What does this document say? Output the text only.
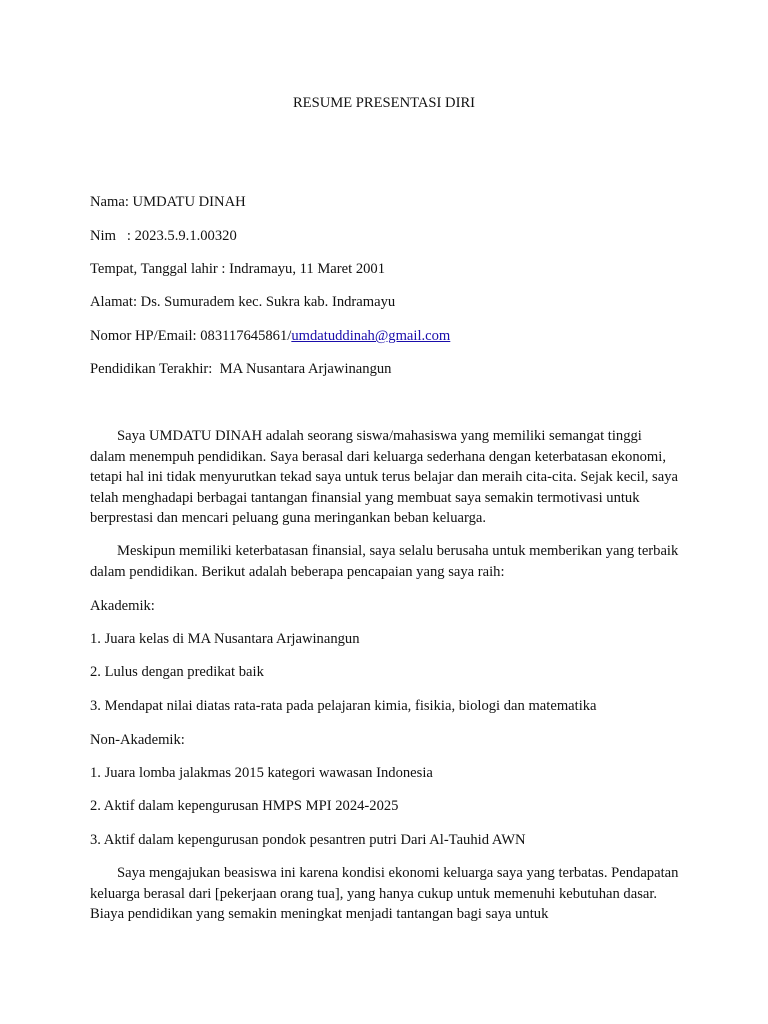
RESUME PRESENTASI DIRI
Nama: UMDATU DINAH
Nim   : 2023.5.9.1.00320
Tempat, Tanggal lahir : Indramayu, 11 Maret 2001
Alamat: Ds. Sumuradem kec. Sukra kab. Indramayu
Nomor HP/Email: 083117645861/umdatuddinah@gmail.com
Pendidikan Terakhir:  MA Nusantara Arjawinangun
Saya UMDATU DINAH adalah seorang siswa/mahasiswa yang memiliki semangat tinggi dalam menempuh pendidikan. Saya berasal dari keluarga sederhana dengan keterbatasan ekonomi, tetapi hal ini tidak menyurutkan tekad saya untuk terus belajar dan meraih cita-cita. Sejak kecil, saya telah menghadapi berbagai tantangan finansial yang membuat saya semakin termotivasi untuk berprestasi dan mencari peluang guna meringankan beban keluarga.
Meskipun memiliki keterbatasan finansial, saya selalu berusaha untuk memberikan yang terbaik dalam pendidikan. Berikut adalah beberapa pencapaian yang saya raih:
Akademik:
1. Juara kelas di MA Nusantara Arjawinangun
2. Lulus dengan predikat baik
3. Mendapat nilai diatas rata-rata pada pelajaran kimia, fisikia, biologi dan matematika
Non-Akademik:
1. Juara lomba jalakmas 2015 kategori wawasan Indonesia
2. Aktif dalam kepengurusan HMPS MPI 2024-2025
3. Aktif dalam kepengurusan pondok pesantren putri Dari Al-Tauhid AWN
Saya mengajukan beasiswa ini karena kondisi ekonomi keluarga saya yang terbatas. Pendapatan keluarga berasal dari [pekerjaan orang tua], yang hanya cukup untuk memenuhi kebutuhan dasar. Biaya pendidikan yang semakin meningkat menjadi tantangan bagi saya untuk
